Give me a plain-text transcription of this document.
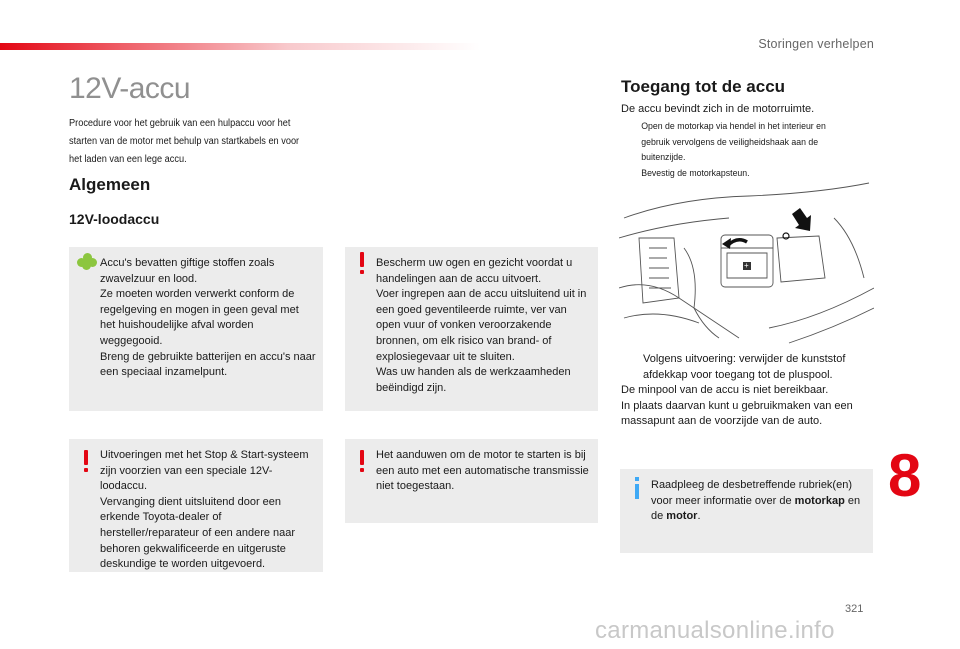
Storingen verhelpen
12V-accu
Procedure voor het gebruik van een hulpaccu voor het starten van de motor met behulp van startkabels en voor het laden van een lege accu.
Algemeen
12V-loodaccu

Accu's bevatten giftige stoffen zoals zwavelzuur en lood.

Ze moeten worden verwerkt conform de regelgeving en mogen in geen geval met het huishoudelijke afval worden weggegooid.

Breng de gebruikte batterijen en accu's naar een speciaal inzamelpunt.

Bescherm uw ogen en gezicht voordat u handelingen aan de accu uitvoert.

Voer ingrepen aan de accu uitsluitend uit in een goed geventileerde ruimte, ver van open vuur of vonken veroorzakende bronnen, om elk risico van brand- of explosiegevaar uit te sluiten.

Was uw handen als de werkzaamheden beëindigd zijn.

Uitvoeringen met het Stop & Start-systeem zijn voorzien van een speciale 12V-loodaccu.

Vervanging dient uitsluitend door een erkende Toyota-dealer of hersteller/reparateur of een andere naar behoren gekwalificeerde en uitgeruste deskundige te worden uitgevoerd.

Het aanduwen om de motor te starten is bij een auto met een automatische transmissie niet toegestaan.

Toegang tot de accu
De accu bevindt zich in de motorruimte.
Open de motorkap via hendel in het interieur en gebruik vervolgens de veiligheidshaak aan de buitenzijde.
Bevestig de motorkapsteun.
+
Volgens uitvoering: verwijder de kunststof afdekkap voor toegang tot de pluspool.

De minpool van de accu is niet bereikbaar.

In plaats daarvan kunt u gebruikmaken van een massapunt aan de voorzijde van de auto.

Raadpleeg de desbetreffende rubriek(en) voor meer informatie over de motorkap en de motor.
8
321
carmanualsonline.info
